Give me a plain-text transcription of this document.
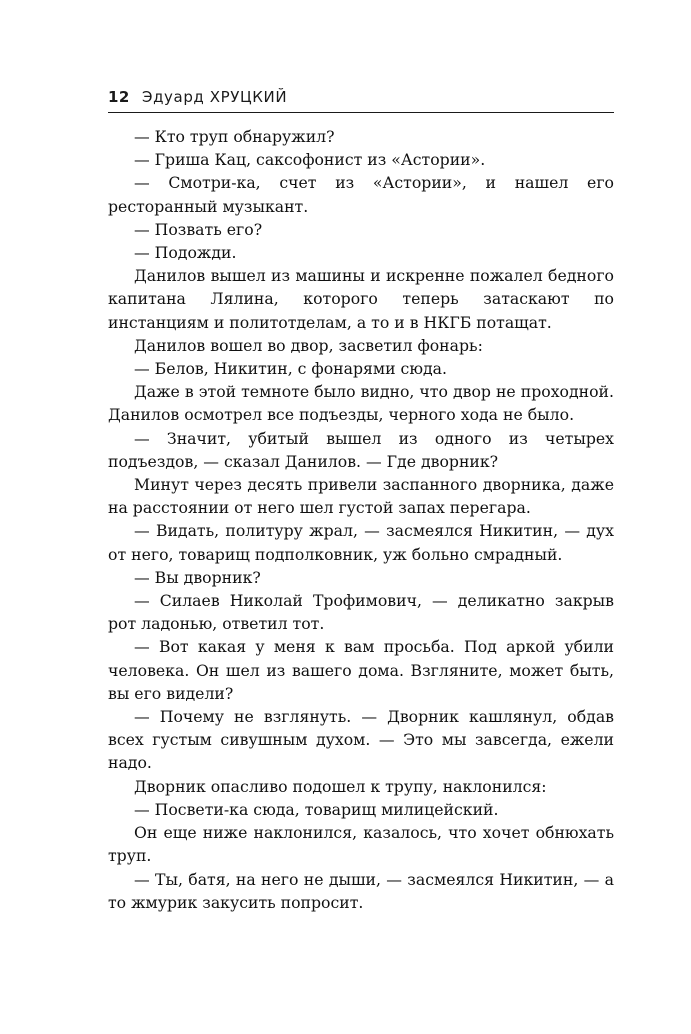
12 Эдуард ХРУЦКИЙ

— Кто труп обнаружил?

— Гриша Кац, саксофонист из «Астории».

— Смотри-ка, счет из «Астории», и нашел его ресторанный музыкант.

— Позвать его?

— Подожди.

Данилов вышел из машины и искренне пожалел бедного капитана Лялина, которого теперь затаскают по инстанциям и политотделам, а то и в НКГБ потащат.

Данилов вошел во двор, засветил фонарь:

— Белов, Никитин, с фонарями сюда.

Даже в этой темноте было видно, что двор не проходной. Данилов осмотрел все подъезды, черного хода не было.

— Значит, убитый вышел из одного из четырех подъездов, — сказал Данилов. — Где дворник?

Минут через десять привели заспанного дворника, даже на расстоянии от него шел густой запах перегара.

— Видать, политуру жрал, — засмеялся Никитин, — дух от него, товарищ подполковник, уж больно смрадный.

— Вы дворник?

— Силаев Николай Трофимович, — деликатно закрыв рот ладонью, ответил тот.

— Вот какая у меня к вам просьба. Под аркой убили человека. Он шел из вашего дома. Взгляните, может быть, вы его видели?

— Почему не взглянуть. — Дворник кашлянул, обдав всех густым сивушным духом. — Это мы завсегда, ежели надо.

Дворник опасливо подошел к трупу, наклонился:

— Посвети-ка сюда, товарищ милицейский.

Он еще ниже наклонился, казалось, что хочет обнюхать труп.

— Ты, батя, на него не дыши, — засмеялся Никитин, — а то жмурик закусить попросит.
